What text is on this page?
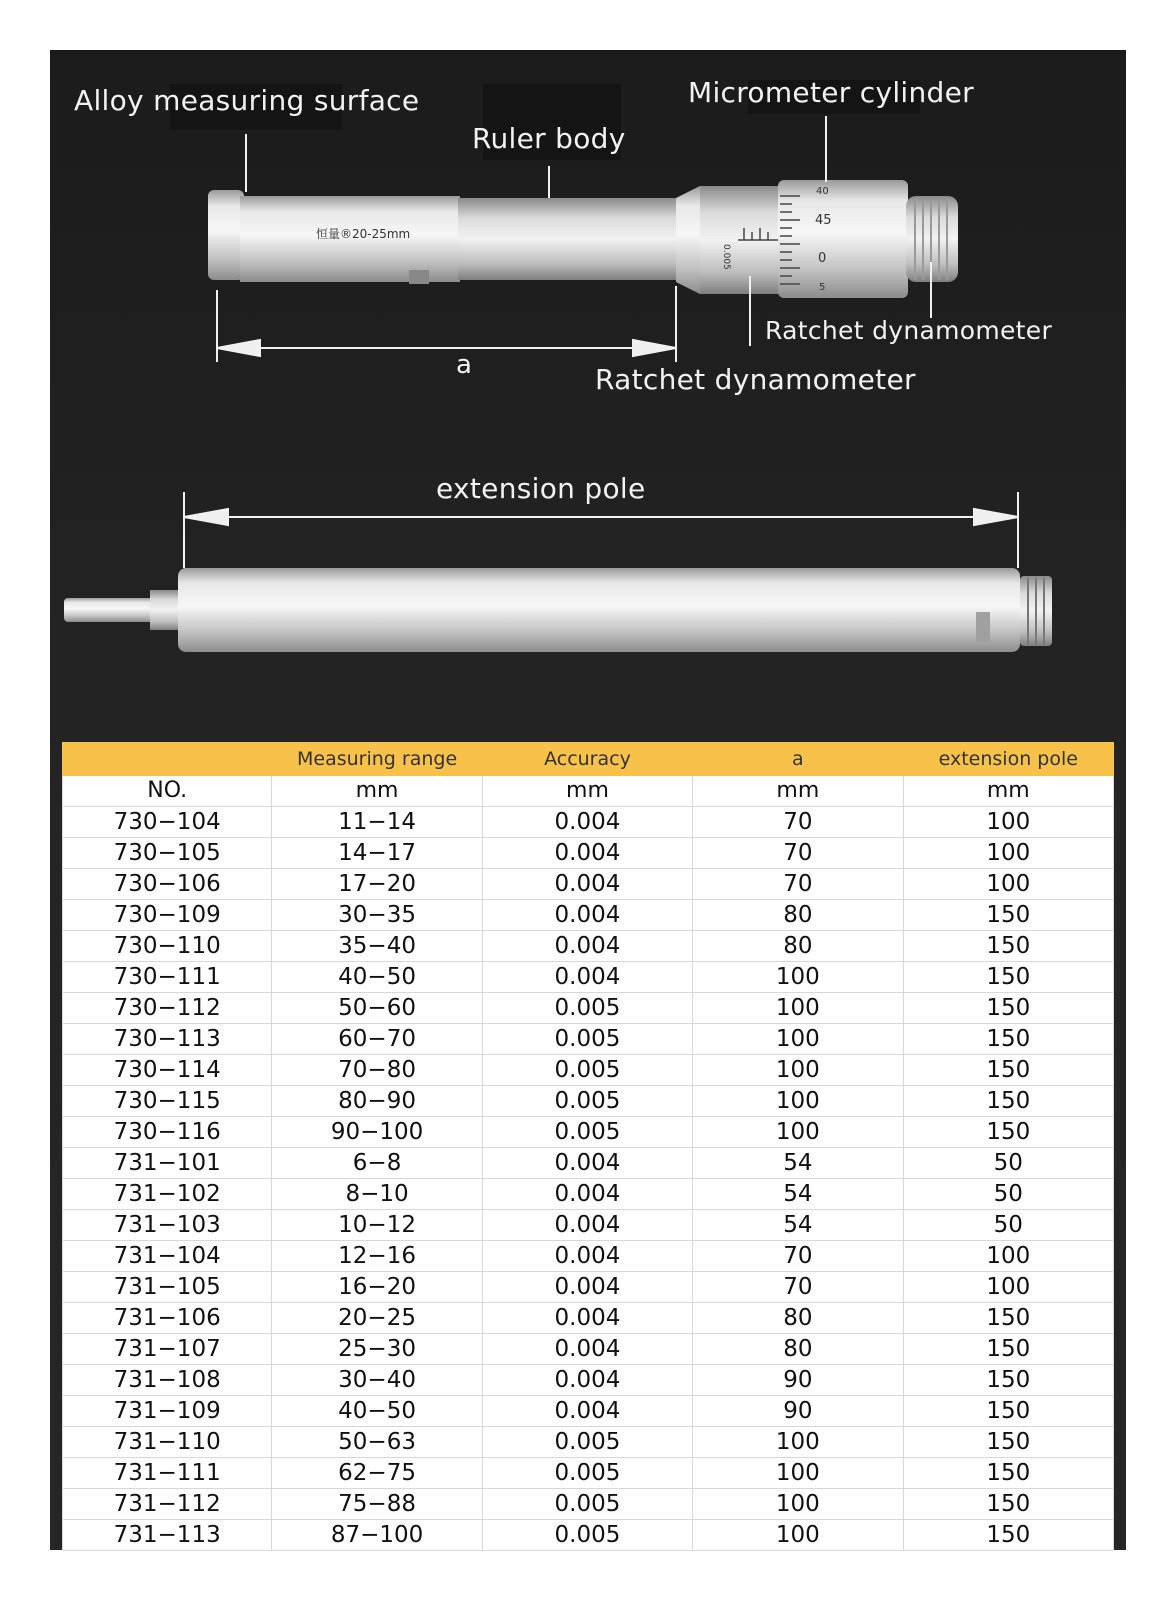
恒量®20-25mm
0.005
40
45
0
5
Alloy measuring surface
Ruler body
Micrometer cylinder
Ratchet dynamometer
a	Ratchet dynamometer
extension pole
	Measuring range	Accuracy	a	extension pole
NO.	mm	mm	mm	mm
730−104	11−14	0.004	70	100
730−105	14−17	0.004	70	100
730−106	17−20	0.004	70	100
730−109	30−35	0.004	80	150
730−110	35−40	0.004	80	150
730−111	40−50	0.004	100	150
730−112	50−60	0.005	100	150
730−113	60−70	0.005	100	150
730−114	70−80	0.005	100	150
730−115	80−90	0.005	100	150
730−116	90−100	0.005	100	150
731−101	6−8	0.004	54	50
731−102	8−10	0.004	54	50
731−103	10−12	0.004	54	50
731−104	12−16	0.004	70	100
731−105	16−20	0.004	70	100
731−106	20−25	0.004	80	150
731−107	25−30	0.004	80	150
731−108	30−40	0.004	90	150
731−109	40−50	0.004	90	150
731−110	50−63	0.005	100	150
731−111	62−75	0.005	100	150
731−112	75−88	0.005	100	150
731−113	87−100	0.005	100	150
